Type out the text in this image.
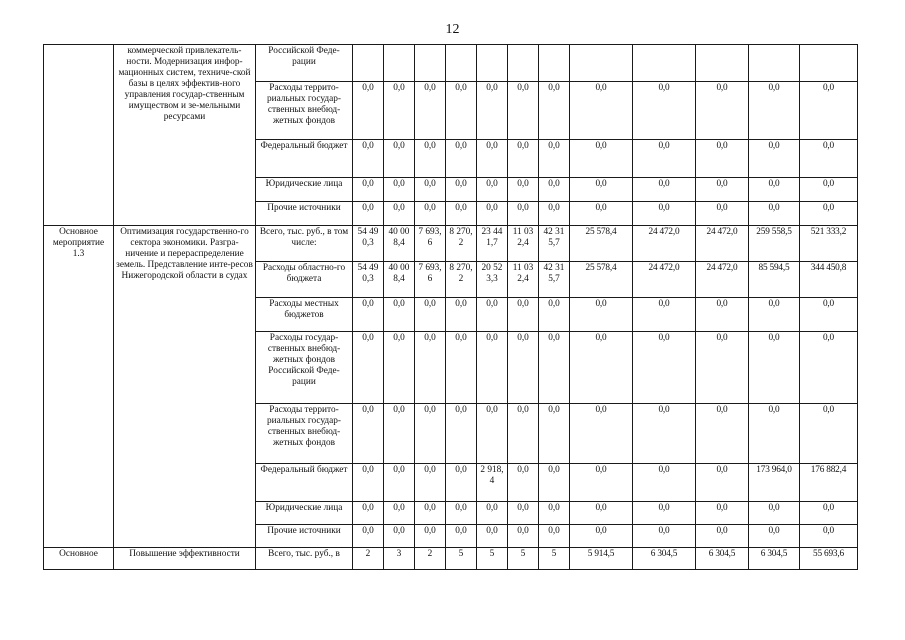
12
	коммерческой привлекатель-ности. Модернизация инфор-мационных систем, техниче-ской базы в целях эффектив-ного управления государ-ственным имуществом и зе-мельными ресурсами	Российской Феде-рации												
		Расходы террито-риальных государ-ственных внебюд-жетных фондов	0,0	0,0	0,0	0,0	0,0	0,0	0,0	0,0	0,0	0,0	0,0	0,0
		Федеральный бюджет	0,0	0,0	0,0	0,0	0,0	0,0	0,0	0,0	0,0	0,0	0,0	0,0
		Юридические лица	0,0	0,0	0,0	0,0	0,0	0,0	0,0	0,0	0,0	0,0	0,0	0,0
		Прочие источники	0,0	0,0	0,0	0,0	0,0	0,0	0,0	0,0	0,0	0,0	0,0	0,0
Основное мероприятие 1.3	Оптимизация государственно-го сектора экономики. Разгра-ничение и перераспределение земель. Представление инте-ресов Нижегородской области в судах	Всего, тыс. руб., в том числе:	54 490,3	40 008,4	7 693,6	8 270,2	23 441,7	11 032,4	42 315,7	25 578,4	24 472,0	24 472,0	259 558,5	521 333,2
		Расходы областно-го бюджета	54 490,3	40 008,4	7 693,6	8 270,2	20 523,3	11 032,4	42 315,7	25 578,4	24 472,0	24 472,0	85 594,5	344 450,8
		Расходы местных бюджетов	0,0	0,0	0,0	0,0	0,0	0,0	0,0	0,0	0,0	0,0	0,0	0,0
		Расходы государ-ственных внебюд-жетных фондов Российской Феде-рации	0,0	0,0	0,0	0,0	0,0	0,0	0,0	0,0	0,0	0,0	0,0	0,0
		Расходы террито-риальных государ-ственных внебюд-жетных фондов	0,0	0,0	0,0	0,0	0,0	0,0	0,0	0,0	0,0	0,0	0,0	0,0
		Федеральный бюджет	0,0	0,0	0,0	0,0	2 918,4	0,0	0,0	0,0	0,0	0,0	173 964,0	176 882,4
		Юридические лица	0,0	0,0	0,0	0,0	0,0	0,0	0,0	0,0	0,0	0,0	0,0	0,0
		Прочие источники	0,0	0,0	0,0	0,0	0,0	0,0	0,0	0,0	0,0	0,0	0,0	0,0
Основное	Повышение эффективности	Всего, тыс. руб., в	2	3	2	5	5	5	5	5 914,5	6 304,5	6 304,5	6 304,5	55 693,6
